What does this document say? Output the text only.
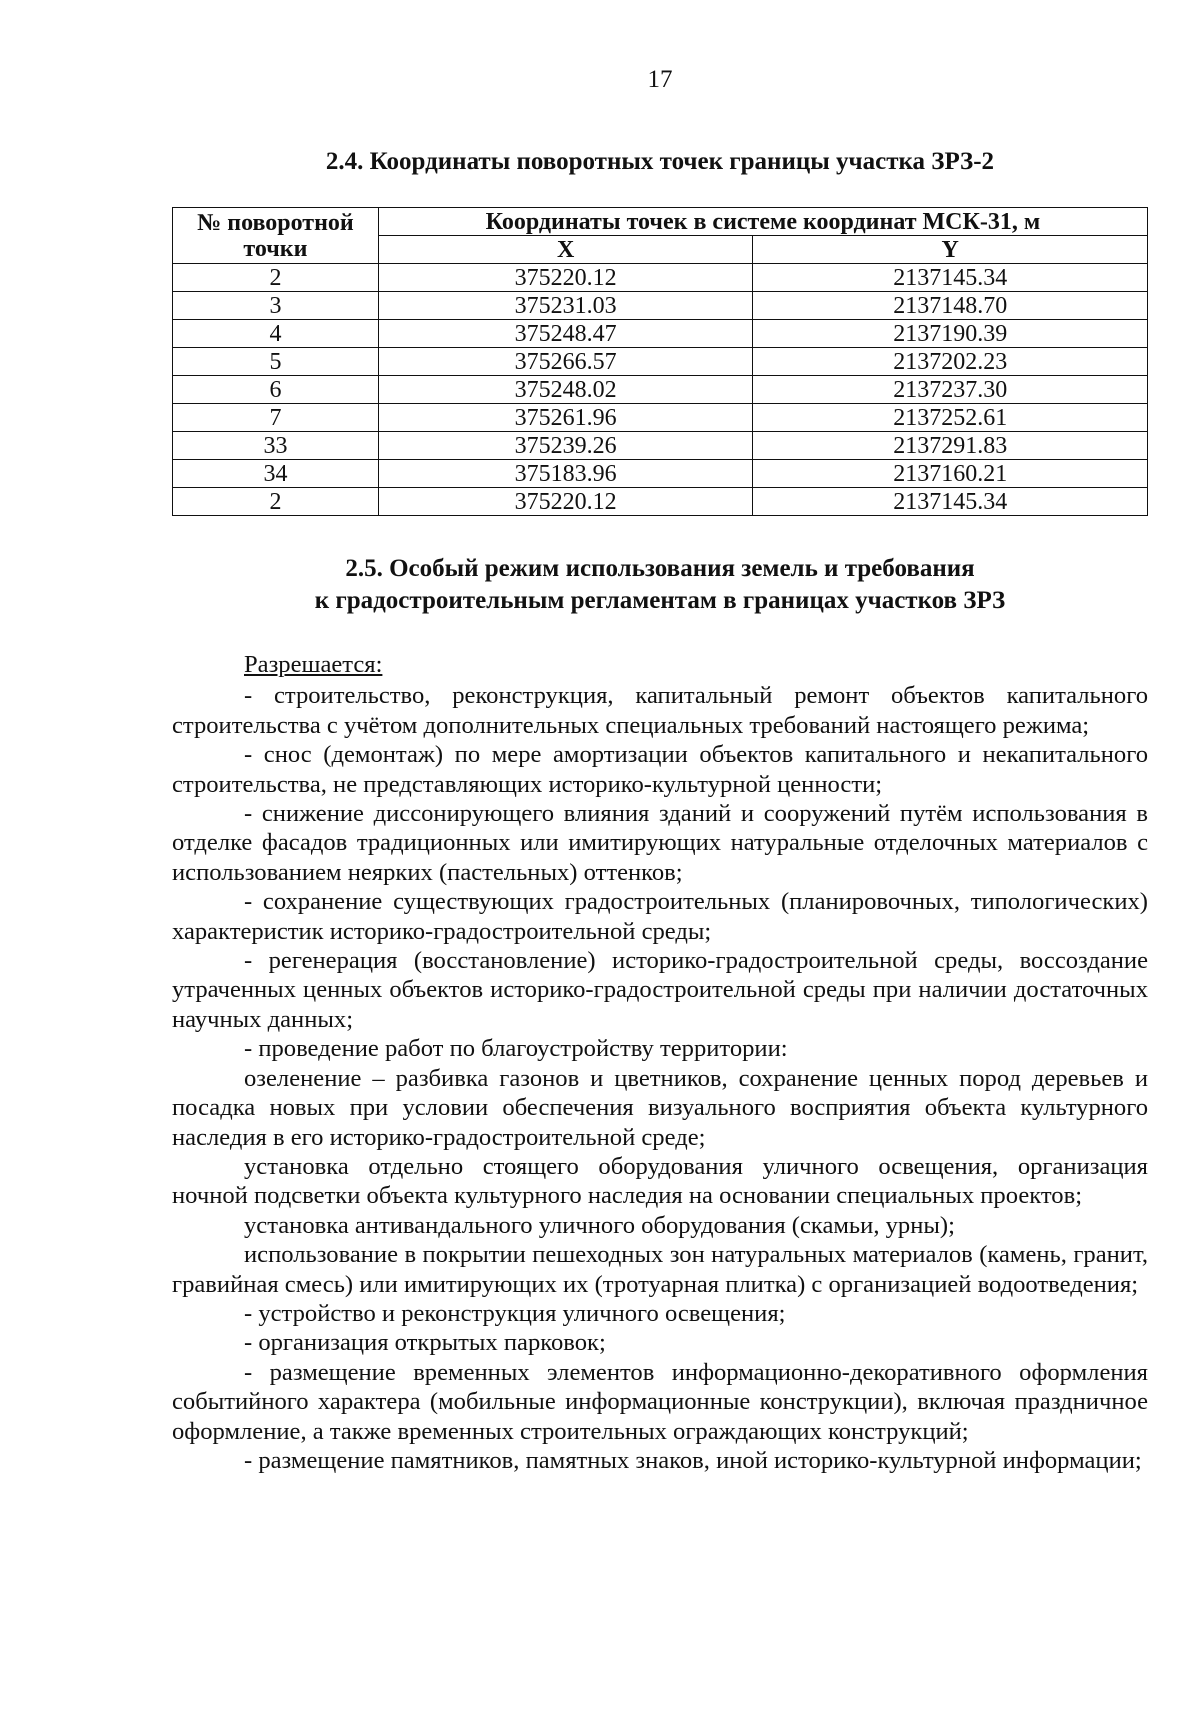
17
2.4. Координаты поворотных точек границы участка ЗРЗ-2
№ поворотной точки	Координаты точек в системе координат МСК-31, м	
	X	Y
2	375220.12	2137145.34
3	375231.03	2137148.70
4	375248.47	2137190.39
5	375266.57	2137202.23
6	375248.02	2137237.30
7	375261.96	2137252.61
33	375239.26	2137291.83
34	375183.96	2137160.21
2	375220.12	2137145.34
2.5. Особый режим использования земель и требования
к градостроительным регламентам в границах участков ЗРЗ

Разрешается:

- строительство, реконструкция, капитальный ремонт объектов капитального строительства с учётом дополнительных специальных требований настоящего режима;

- снос (демонтаж) по мере амортизации объектов капитального и некапитального строительства, не представляющих историко-культурной ценности;

- снижение диссонирующего влияния зданий и сооружений путём использования в отделке фасадов традиционных или имитирующих натуральные отделочных материалов с использованием неярких (пастельных) оттенков;

- сохранение существующих градостроительных (планировочных, типологических) характеристик историко-градостроительной среды;

- регенерация (восстановление) историко-градостроительной среды, воссоздание утраченных ценных объектов историко-градостроительной среды при наличии достаточных научных данных;

- проведение работ по благоустройству территории:

озеленение – разбивка газонов и цветников, сохранение ценных пород деревьев и посадка новых при условии обеспечения визуального восприятия объекта культурного наследия в его историко-градостроительной среде;

установка отдельно стоящего оборудования уличного освещения, организация ночной подсветки объекта культурного наследия на основании специальных проектов;

установка антивандального уличного оборудования (скамьи, урны);

использование в покрытии пешеходных зон натуральных материалов (камень, гранит, гравийная смесь) или имитирующих их (тротуарная плитка) с организацией водоотведения;

- устройство и реконструкция уличного освещения;

- организация открытых парковок;

- размещение временных элементов информационно-декоративного оформления событийного характера (мобильные информационные конструкции), включая праздничное оформление, а также временных строительных ограждающих конструкций;

- размещение памятников, памятных знаков, иной историко-культурной информации;
